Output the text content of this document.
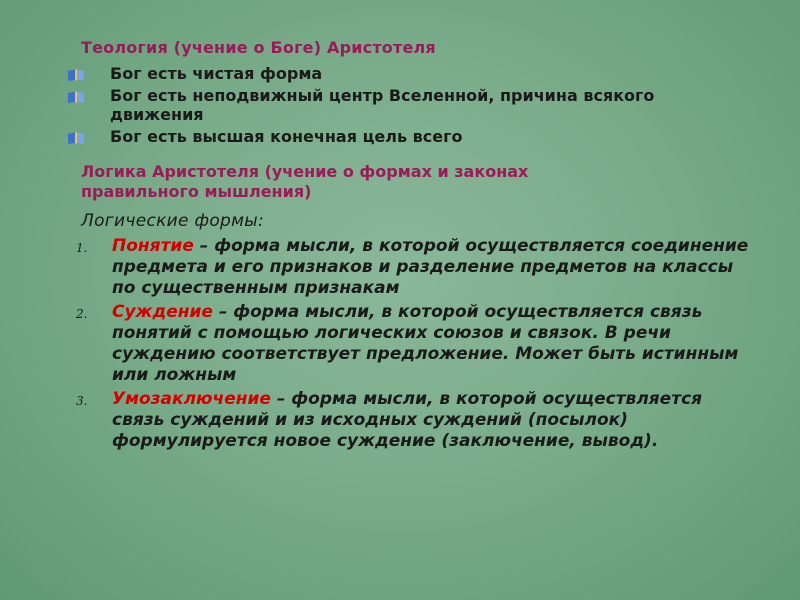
Теология (учение о Боге) Аристотеля
Бог есть чистая форма
Бог есть неподвижный центр Вселенной, причина всякого движения
Бог есть высшая конечная цель всего
Логика Аристотеля (учение о формах и законах правильного мышления)
Логические формы:
1. Понятие – форма мысли, в которой осуществляется соединение предмета и его признаков и разделение предметов на классы по существенным признакам
2. Суждение – форма мысли, в которой осуществляется связь понятий с помощью логических союзов и связок. В речи суждению соответствует предложение. Может быть истинным или ложным
3. Умозаключение – форма мысли, в которой осуществляется связь суждений и из исходных суждений (посылок) формулируется новое суждение (заключение, вывод).
